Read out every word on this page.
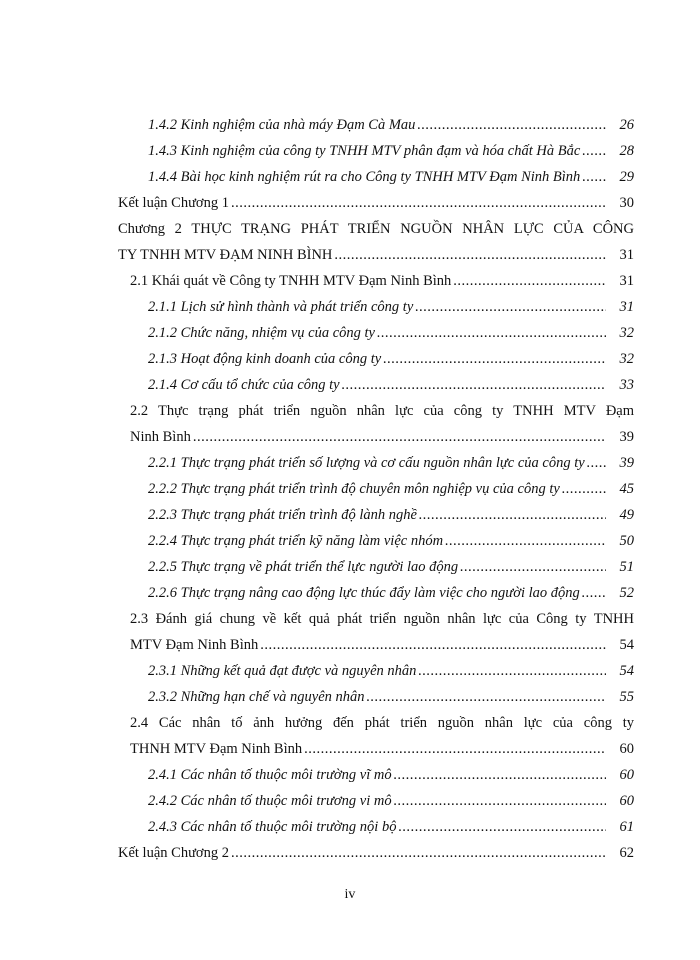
1.4.2 Kinh nghiệm của nhà máy Đạm Cà Mau .....	26
1.4.3 Kinh nghiệm của công ty TNHH MTV phân đạm và hóa chất Hà Bắc .....	28
1.4.4 Bài học kinh nghiệm rút ra cho Công ty TNHH MTV Đạm Ninh Bình .....	29
Kết luận Chương 1 .....	30
Chương 2 THỰC TRẠNG PHÁT TRIỂN NGUỒN NHÂN LỰC CỦA CÔNG
TY TNHH MTV ĐẠM NINH BÌNH .....	31
2.1 Khái quát về Công ty TNHH MTV Đạm Ninh Bình .....	31
2.1.1 Lịch sử hình thành và phát triển công ty .....	31
2.1.2 Chức năng, nhiệm vụ của công ty .....	32
2.1.3 Hoạt động kinh doanh của công ty .....	32
2.1.4 Cơ cấu tổ chức của công ty .....	33
2.2 Thực trạng phát triển nguồn nhân lực của công ty TNHH MTV Đạm
Ninh Bình .....	39
2.2.1 Thực trạng phát triển số lượng và cơ cấu nguồn nhân lực của công ty .....	39
2.2.2 Thực trạng phát triển trình độ chuyên môn nghiệp vụ của công ty .....	45
2.2.3 Thực trạng phát triển trình độ lành nghề .....	49
2.2.4 Thực trạng phát triển kỹ năng làm việc nhóm .....	50
2.2.5 Thực trạng về phát triển thể lực người lao động .....	51
2.2.6 Thực trạng nâng cao động lực thúc đẩy làm việc cho người lao động .....	52
2.3 Đánh giá chung về kết quả phát triển nguồn nhân lực của Công ty TNHH
MTV Đạm Ninh Bình .....	54
2.3.1 Những kết quả đạt được và nguyên nhân .....	54
2.3.2 Những hạn chế và nguyên nhân .....	55
2.4 Các nhân tố ảnh hưởng đến phát triển nguồn nhân lực của công ty
THNH MTV Đạm Ninh Bình .....	60
2.4.1 Các nhân tố thuộc môi trường vĩ mô .....	60
2.4.2 Các nhân tố thuộc môi trương vi mô .....	60
2.4.3 Các nhân tố thuộc môi trường nội bộ .....	61
Kết luận Chương 2 .....	62
iv
